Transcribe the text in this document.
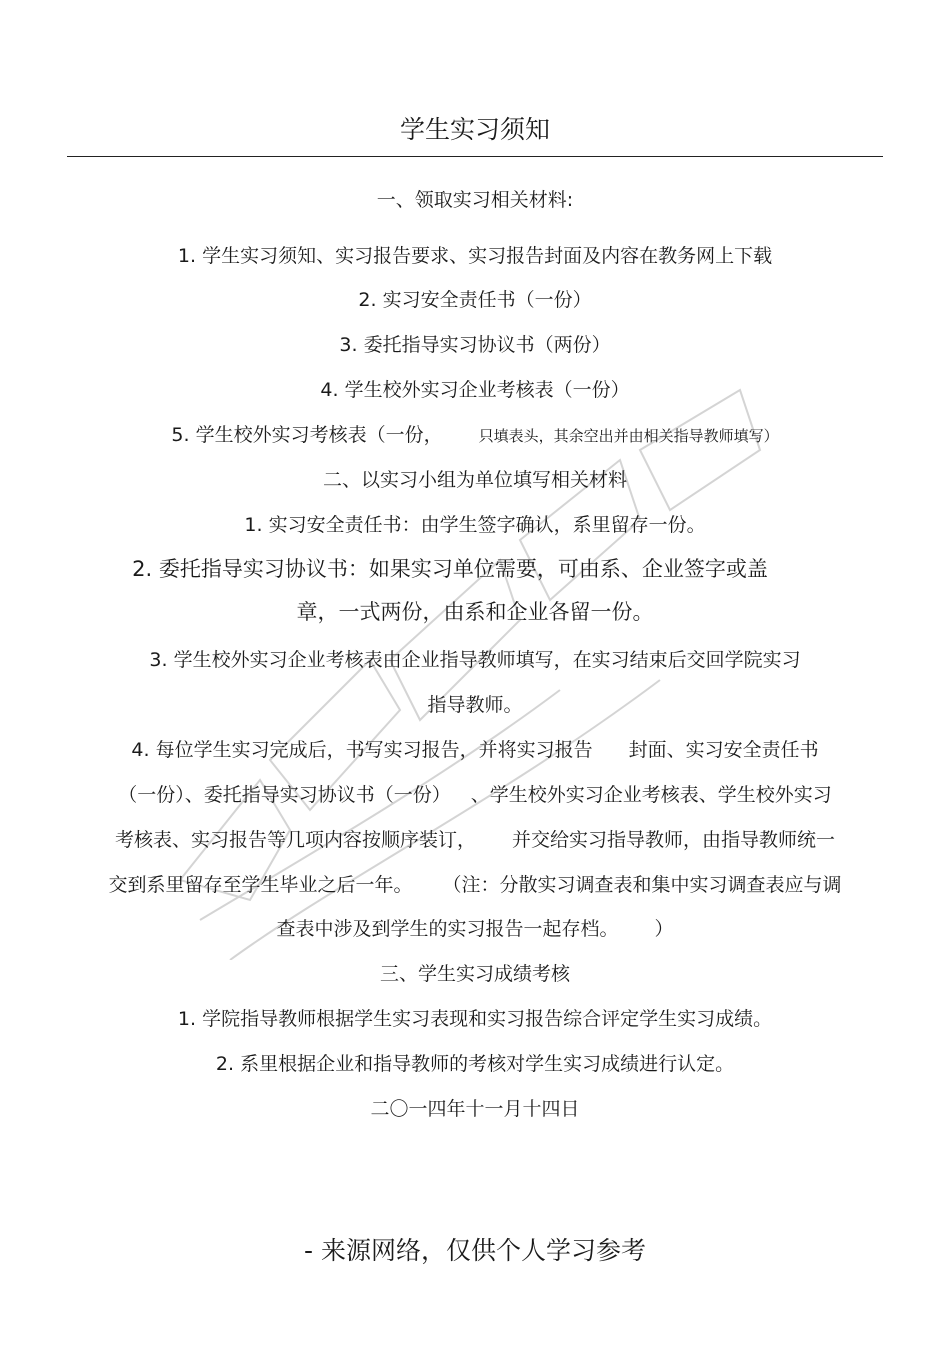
学生实习须知
一、领取实习相关材料:
1. 学生实习须知、实习报告要求、实习报告封面及内容在教务网上下载
2. 实习安全责任书（一份）
3. 委托指导实习协议书（两份）
4. 学生校外实习企业考核表（一份）
5. 学生校外实习考核表（一份， 只填表头，其余空出并由相关指导教师填写）
二、以实习小组为单位填写相关材料
1. 实习安全责任书：由学生签字确认，系里留存一份。
2. 委托指导实习协议书：如果实习单位需要，可由系、企业签字或盖
章，一式两份，由系和企业各留一份。
3. 学生校外实习企业考核表由企业指导教师填写，在实习结束后交回学院实习
指导教师。
4. 每位学生实习完成后，书写实习报告，并将实习报告 封面、实习安全责任书
（一份）、委托指导实习协议书（一份） 、学生校外实习企业考核表、学生校外实习
考核表、实习报告等几项内容按顺序装订， 并交给实习指导教师，由指导教师统一
交到系里留存至学生毕业之后一年。 （注：分散实习调查表和集中实习调查表应与调
查表中涉及到学生的实习报告一起存档。 ）
三、学生实习成绩考核
1. 学院指导教师根据学生实习表现和实习报告综合评定学生实习成绩。
2. 系里根据企业和指导教师的考核对学生实习成绩进行认定。
二〇一四年十一月十四日
- 来源网络，仅供个人学习参考
